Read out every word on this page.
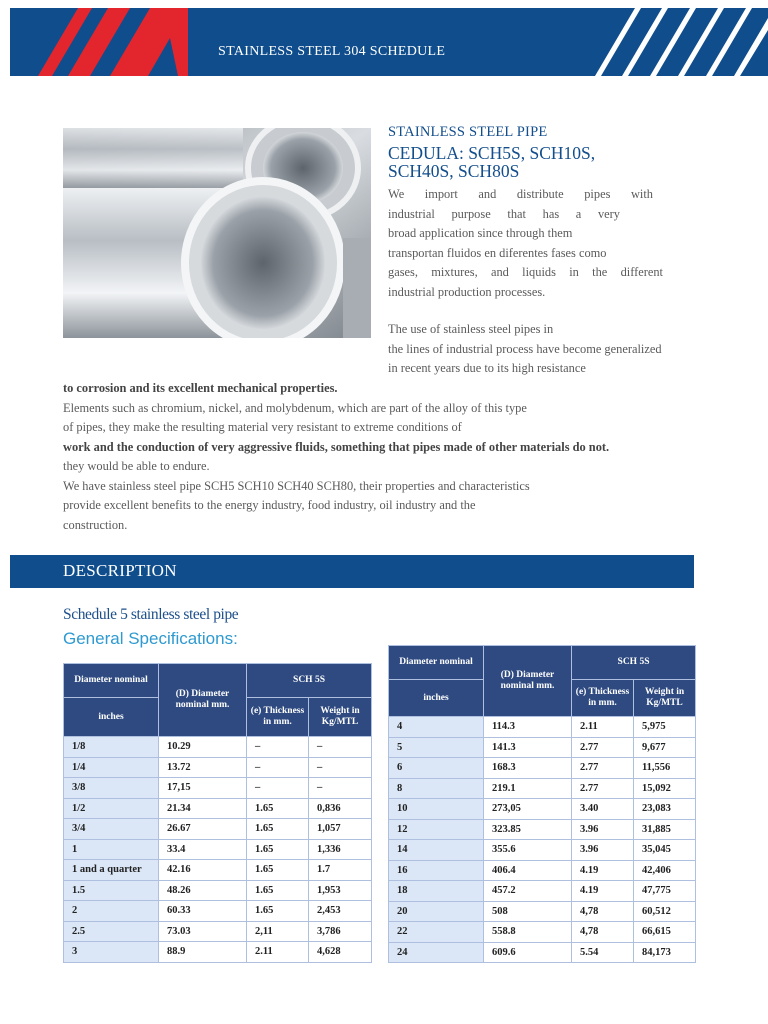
STAINLESS STEEL 304 SCHEDULE
STAINLESS STEEL PIPE
CEDULA: SCH5S, SCH10S,
SCH40S, SCH80S
We import and distribute pipes with
industrial purpose that has a very
broad application since through them
transportan fluidos en diferentes fases como
gases, mixtures, and liquids in the different
industrial production processes.
The use of stainless steel pipes in
the lines of industrial process have become generalized
in recent years due to its high resistance
to corrosion and its excellent mechanical properties.
Elements such as chromium, nickel, and molybdenum, which are part of the alloy of this type
of pipes, they make the resulting material very resistant to extreme conditions of
work and the conduction of very aggressive fluids, something that pipes made of other materials do not.
they would be able to endure.
We have stainless steel pipe SCH5 SCH10 SCH40 SCH80, their properties and characteristics
provide excellent benefits to the energy industry, food industry, oil industry and the
construction.
DESCRIPTION
Schedule 5 stainless steel pipe
General Specifications:
Diameter nominal	(D) Diameter nominal mm.	SCH 5S	
inches		(e) Thickness in mm.	Weight in Kg/MTL
1/8	10.29	–	–
1/4	13.72	–	–
3/8	17,15	–	–
1/2	21.34	1.65	0,836
3/4	26.67	1.65	1,057
1	33.4	1.65	1,336
1 and a quarter	42.16	1.65	1.7
1.5	48.26	1.65	1,953
2	60.33	1.65	2,453
2.5	73.03	2,11	3,786
3	88.9	2.11	4,628
Diameter nominal	(D) Diameter nominal mm.	SCH 5S	
inches		(e) Thickness in mm.	Weight in Kg/MTL
4	114.3	2.11	5,975
5	141.3	2.77	9,677
6	168.3	2.77	11,556
8	219.1	2.77	15,092
10	273,05	3.40	23,083
12	323.85	3.96	31,885
14	355.6	3.96	35,045
16	406.4	4.19	42,406
18	457.2	4.19	47,775
20	508	4,78	60,512
22	558.8	4,78	66,615
24	609.6	5.54	84,173
